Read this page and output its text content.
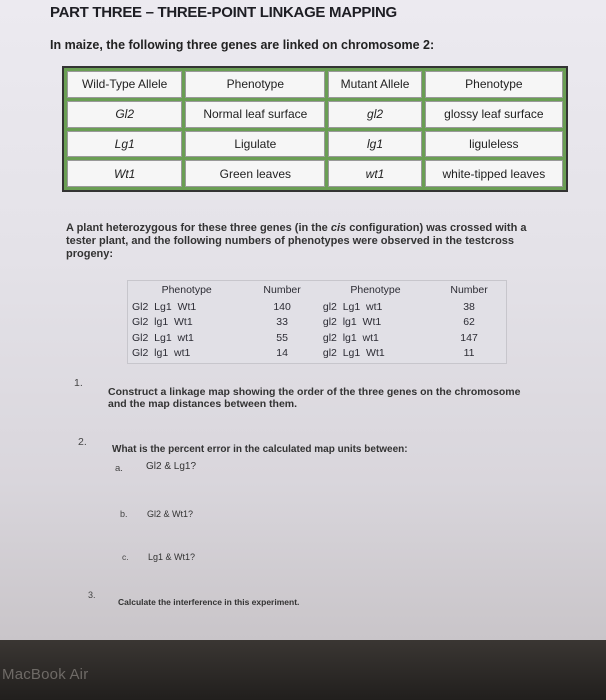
PART THREE – THREE-POINT LINKAGE MAPPING
In maize, the following three genes are linked on chromosome 2:
Wild-Type Allele	Phenotype	Mutant Allele	Phenotype
Gl2	Normal leaf surface	gl2	glossy leaf surface
Lg1	Ligulate	lg1	liguleless
Wt1	Green leaves	wt1	white-tipped leaves
A plant heterozygous for these three genes (in the cis configuration) was crossed with a tester plant, and the following numbers of phenotypes were observed in the testcross progeny:
Phenotype	Number	Phenotype	Number
Gl2  Lg1  Wt1	140	gl2  Lg1  wt1	38
Gl2  lg1  Wt1	33	gl2  lg1  Wt1	62
Gl2  Lg1  wt1	55	gl2  lg1  wt1	147
Gl2  lg1  wt1	14	gl2  Lg1  Wt1	11
1.
Construct a linkage map showing the order of the three genes on the chromosome and the map distances between them.
2.
What is the percent error in the calculated map units between:
a. Gl2 & Lg1?
b. Gl2 & Wt1?
c. Lg1 & Wt1?
3.
Calculate the interference in this experiment.
MacBook Air
